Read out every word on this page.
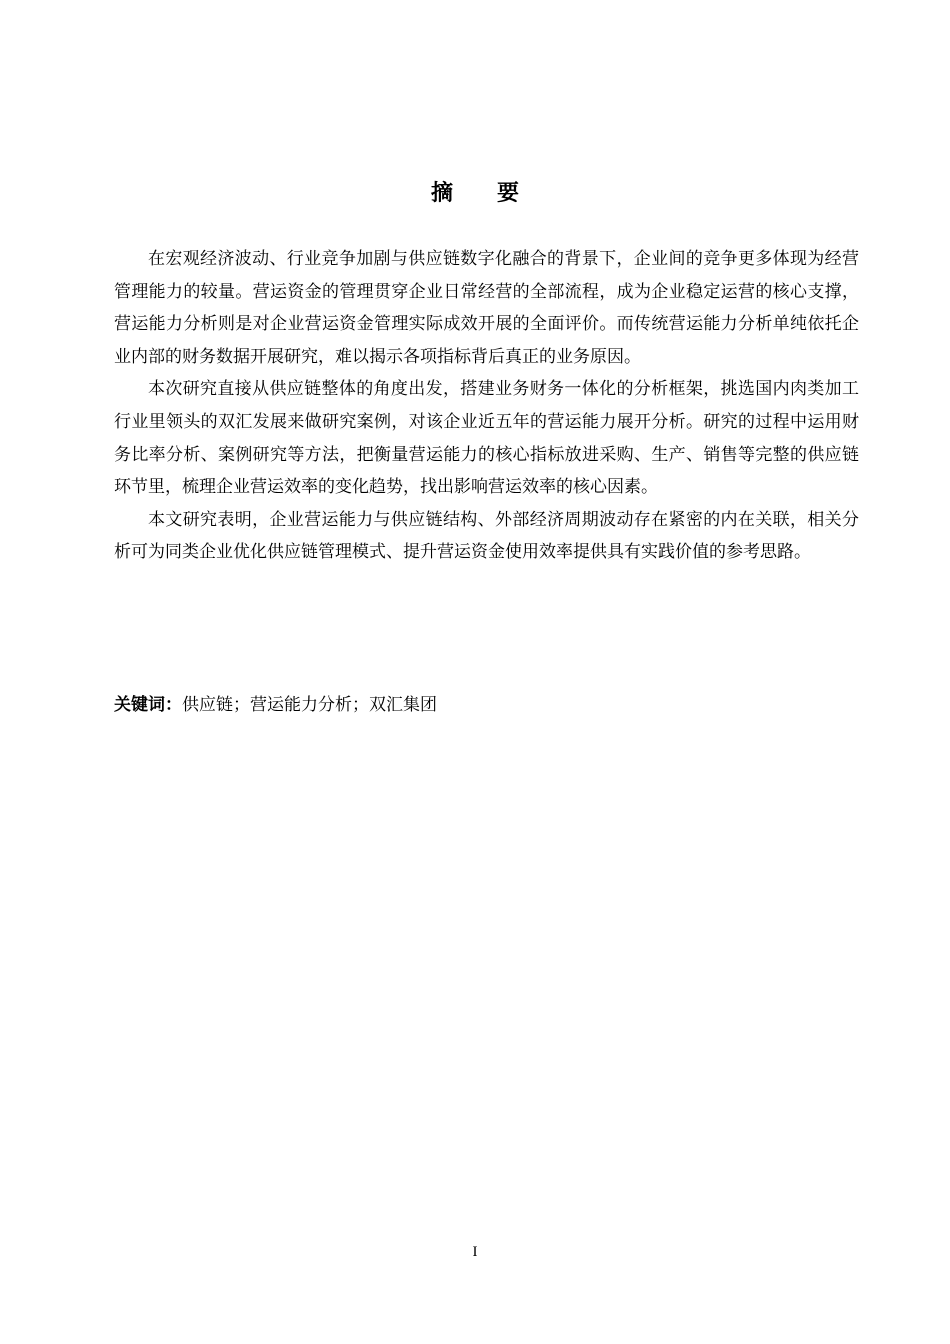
摘 要

在宏观经济波动、行业竞争加剧与供应链数字化融合的背景下，企业间的竞争更多体现为经营管理能力的较量。营运资金的管理贯穿企业日常经营的全部流程，成为企业稳定运营的核心支撑，营运能力分析则是对企业营运资金管理实际成效开展的全面评价。而传统营运能力分析单纯依托企业内部的财务数据开展研究，难以揭示各项指标背后真正的业务原因。

本次研究直接从供应链整体的角度出发，搭建业务财务一体化的分析框架，挑选国内肉类加工行业里领头的双汇发展来做研究案例，对该企业近五年的营运能力展开分析。研究的过程中运用财务比率分析、案例研究等方法，把衡量营运能力的核心指标放进采购、生产、销售等完整的供应链环节里，梳理企业营运效率的变化趋势，找出影响营运效率的核心因素。

本文研究表明，企业营运能力与供应链结构、外部经济周期波动存在紧密的内在关联，相关分析可为同类企业优化供应链管理模式、提升营运资金使用效率提供具有实践价值的参考思路。

关键词：供应链；营运能力分析；双汇集团
I
